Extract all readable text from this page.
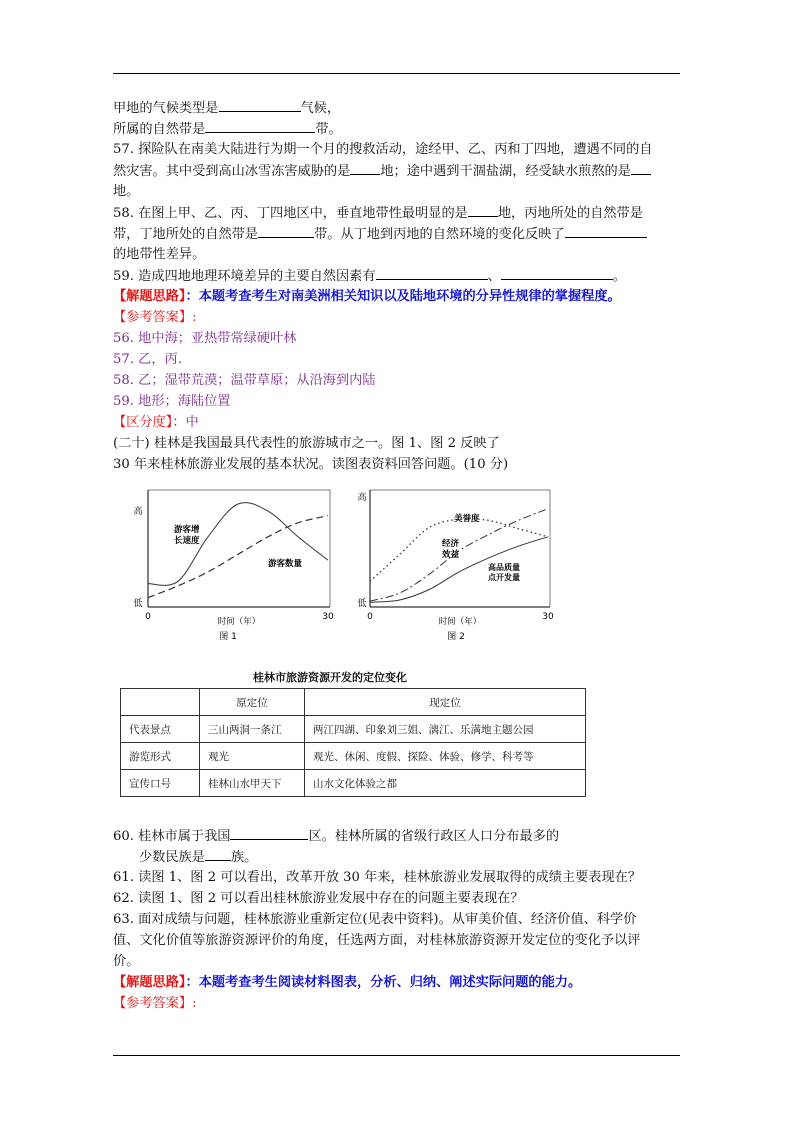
甲地的气候类型是	气候，
所属的自然带是	带。
57. 探险队在南美大陆进行为期一个月的搜救活动，途经甲、乙、丙和丁四地，遭遇不同的自
然灾害。其中受到高山冰雪冻害威胁的是 地；途中遇到干涸盐湖，经受缺水煎熬的是
地。
58. 在图上甲、乙、丙、丁四地区中，垂直地带性最明显的是 地，丙地所处的自然带是
带，丁地所处的自然带是	带。从丁地到丙地的自然环境的变化反映了
的地带性差异。
59. 造成四地地理环境差异的主要自然因素有	、	。
【解题思路】：本题考查考生对南美洲相关知识以及陆地环境的分异性规律的掌握程度。
【参考答案】:
56. 地中海；亚热带常绿硬叶林
57. 乙，丙.
58. 乙；湿带荒漠；温带草原；从沿海到内陆
59. 地形；海陆位置
【区分度】：中
(二十) 桂林是我国最具代表性的旅游城市之一。图 1、图 2 反映了
30 年来桂林旅游业发展的基本状况。读图表资料回答问题。(10 分)
高
低
0	30
时间（年）
图 1
游客增
长速度
游客数量
高
低
0	30
时间（年）
图 2
美誉度
经济
效益
高品质量
点开发量
桂林市旅游资源开发的定位变化
	原定位	现定位
代表景点	三山两洞一条江	两江四湖、印象刘三姐、漓江、乐满地主题公园
游览形式	观光	观光、休闲、度假、探险、体验、修学、科考等
宣传口号	桂林山水甲天下	山水文化体验之都
60. 桂林市属于我国	区。桂林所属的省级行政区人口分布最多的
少数民族是 族。
61. 读图 1、图 2 可以看出，改革开放 30 年来，桂林旅游业发展取得的成绩主要表现在？
62. 读图 1、图 2 可以看出桂林旅游业发展中存在的问题主要表现在？
63. 面对成绩与问题，桂林旅游业重新定位(见表中资料)。从审美价值、经济价值、科学价
值、文化价值等旅游资源评价的角度，任选两方面，对桂林旅游资源开发定位的变化予以评
价。
【解题思路】：本题考查考生阅读材料图表，分析、归纳、阐述实际问题的能力。
【参考答案】:
